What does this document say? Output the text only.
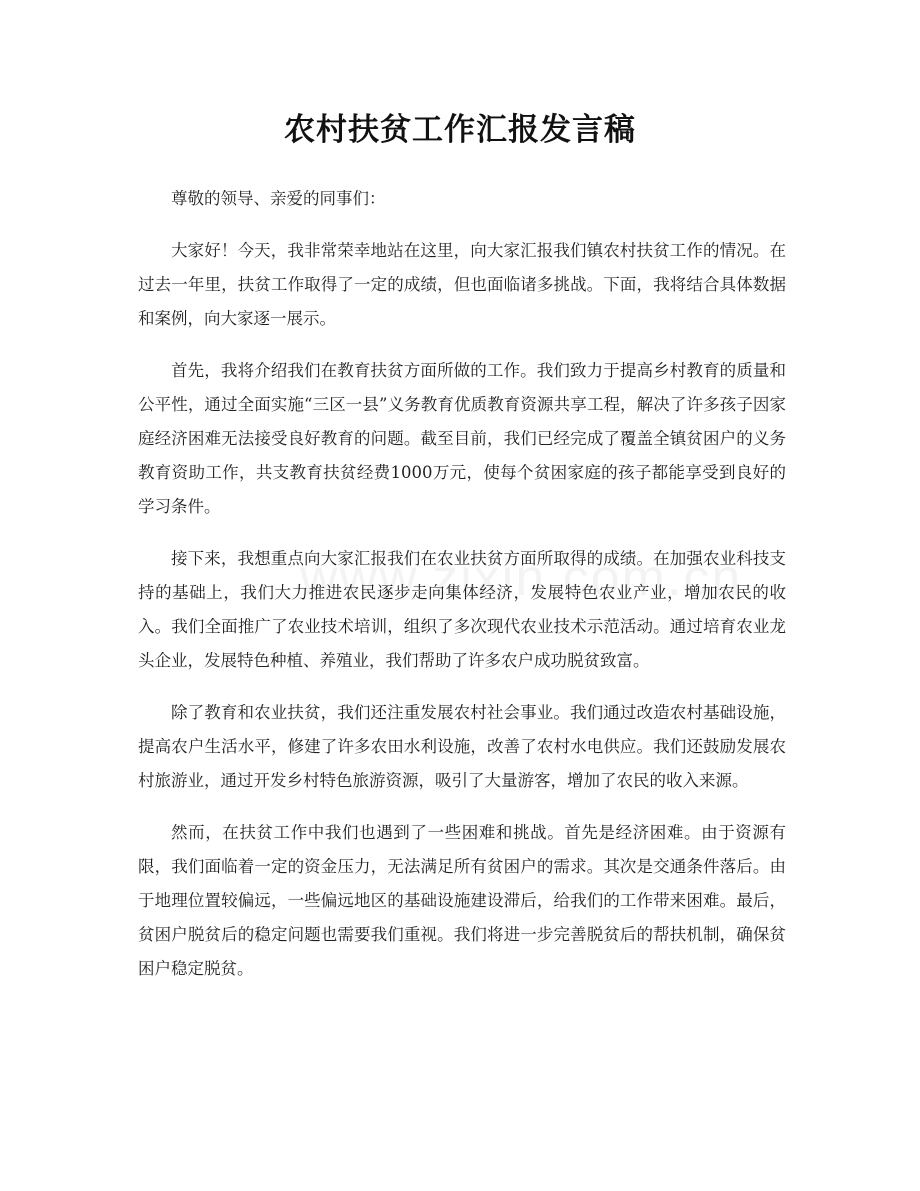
农村扶贫工作汇报发言稿

尊敬的领导、亲爱的同事们：

大家好！今天，我非常荣幸地站在这里，向大家汇报我们镇农村扶贫工作的情况。在过去一年里，扶贫工作取得了一定的成绩，但也面临诸多挑战。下面，我将结合具体数据和案例，向大家逐一展示。

首先，我将介绍我们在教育扶贫方面所做的工作。我们致力于提高乡村教育的质量和公平性，通过全面实施“三区一县”义务教育优质教育资源共享工程，解决了许多孩子因家庭经济困难无法接受良好教育的问题。截至目前，我们已经完成了覆盖全镇贫困户的义务教育资助工作，共支教育扶贫经费1000万元，使每个贫困家庭的孩子都能享受到良好的学习条件。

接下来，我想重点向大家汇报我们在农业扶贫方面所取得的成绩。在加强农业科技支持的基础上，我们大力推进农民逐步走向集体经济，发展特色农业产业，增加农民的收入。我们全面推广了农业技术培训，组织了多次现代农业技术示范活动。通过培育农业龙头企业，发展特色种植、养殖业，我们帮助了许多农户成功脱贫致富。

除了教育和农业扶贫，我们还注重发展农村社会事业。我们通过改造农村基础设施，提高农户生活水平，修建了许多农田水利设施，改善了农村水电供应。我们还鼓励发展农村旅游业，通过开发乡村特色旅游资源，吸引了大量游客，增加了农民的收入来源。

然而，在扶贫工作中我们也遇到了一些困难和挑战。首先是经济困难。由于资源有限，我们面临着一定的资金压力，无法满足所有贫困户的需求。其次是交通条件落后。由于地理位置较偏远，一些偏远地区的基础设施建设滞后，给我们的工作带来困难。最后，贫困户脱贫后的稳定问题也需要我们重视。我们将进一步完善脱贫后的帮扶机制，确保贫困户稳定脱贫。
